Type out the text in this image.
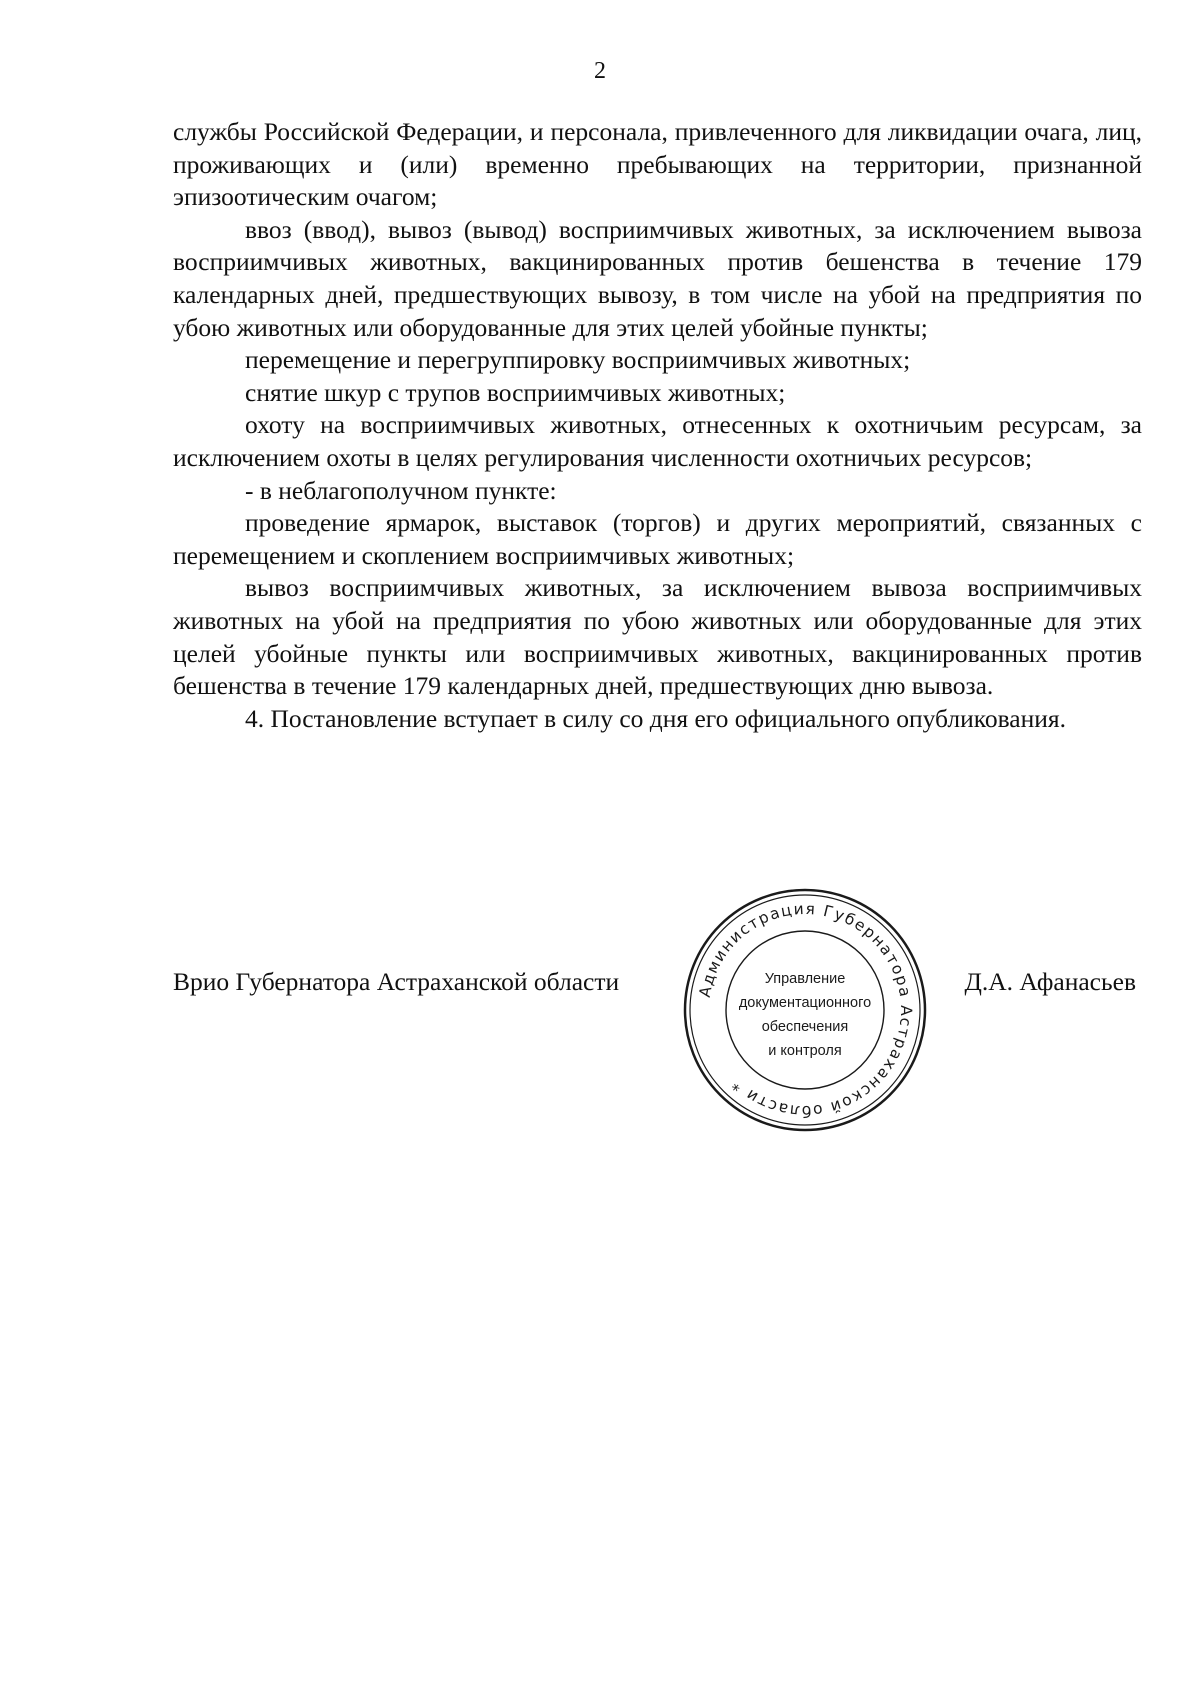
2

службы Российской Федерации, и персонала, привлеченного для ликвидации очага, лиц, проживающих и (или) временно пребывающих на территории, признанной эпизоотическим очагом;

ввоз (ввод), вывоз (вывод) восприимчивых животных, за исключением вывоза восприимчивых животных, вакцинированных против бешенства в течение 179 календарных дней, предшествующих вывозу, в том числе на убой на предприятия по убою животных или оборудованные для этих целей убойные пункты;

перемещение и перегруппировку восприимчивых животных;

снятие шкур с трупов восприимчивых животных;

охоту на восприимчивых животных, отнесенных к охотничьим ресурсам, за исключением охоты в целях регулирования численности охотничьих ресурсов;

- в неблагополучном пункте:

проведение ярмарок, выставок (торгов) и других мероприятий, связанных с перемещением и скоплением восприимчивых животных;

вывоз восприимчивых животных, за исключением вывоза восприимчивых животных на убой на предприятия по убою животных или оборудованные для этих целей убойные пункты или восприимчивых животных, вакцинированных против бешенства в течение 179 календарных дней, предшествующих дню вывоза.

4. Постановление вступает в силу со дня его официального опубликования.

Врио Губернатора Астраханской области	Д.А. Афанасьев
Администрация Губернатора Астраханской области *
Управление
документационного
обеспечения
и контроля
